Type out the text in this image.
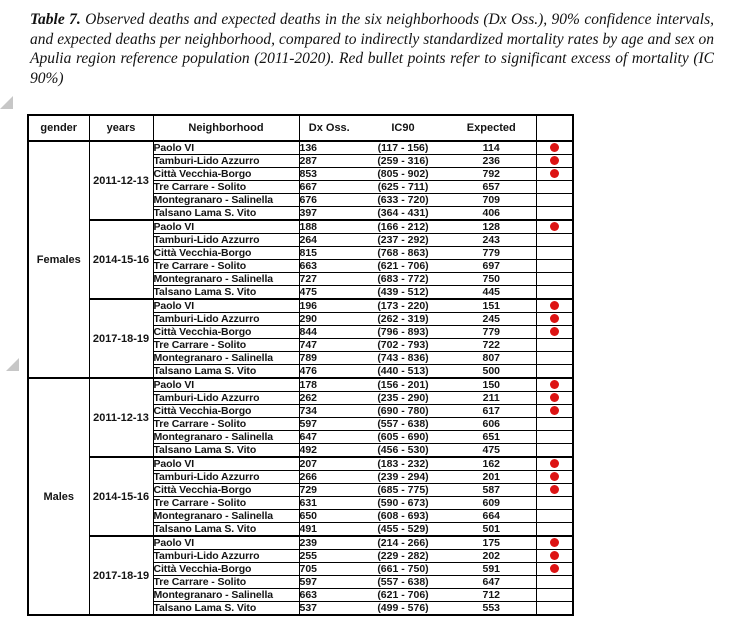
Table 7. Observed deaths and expected deaths in the six neighborhoods (Dx Oss.), 90% confidence intervals, and expected deaths per neighborhood, compared to indirectly standardized mortality rates by age and sex on Apulia region reference population (2011-2020). Red bullet points refer to significant excess of mortality (IC 90%)
gender	years	Neighborhood	Dx Oss.	IC90	Expected	
Females	2011-12-13	Paolo VI	136	(117 - 156)	114	
		Tamburi-Lido Azzurro	287	(259 - 316)	236	
		Città Vecchia-Borgo	853	(805 - 902)	792	
		Tre Carrare - Solito	667	(625 - 711)	657	
		Montegranaro - Salinella	676	(633 - 720)	709	
		Talsano Lama S. Vito	397	(364 - 431)	406	
	2014-15-16	Paolo VI	188	(166 - 212)	128	
		Tamburi-Lido Azzurro	264	(237 - 292)	243	
		Città Vecchia-Borgo	815	(768 - 863)	779	
		Tre Carrare - Solito	663	(621 - 706)	697	
		Montegranaro - Salinella	727	(683 - 772)	750	
		Talsano Lama S. Vito	475	(439 - 512)	445	
	2017-18-19	Paolo VI	196	(173 - 220)	151	
		Tamburi-Lido Azzurro	290	(262 - 319)	245	
		Città Vecchia-Borgo	844	(796 - 893)	779	
		Tre Carrare - Solito	747	(702 - 793)	722	
		Montegranaro - Salinella	789	(743 - 836)	807	
		Talsano Lama S. Vito	476	(440 - 513)	500	
Males	2011-12-13	Paolo VI	178	(156 - 201)	150	
		Tamburi-Lido Azzurro	262	(235 - 290)	211	
		Città Vecchia-Borgo	734	(690 - 780)	617	
		Tre Carrare - Solito	597	(557 - 638)	606	
		Montegranaro - Salinella	647	(605 - 690)	651	
		Talsano Lama S. Vito	492	(456 - 530)	475	
	2014-15-16	Paolo VI	207	(183 - 232)	162	
		Tamburi-Lido Azzurro	266	(239 - 294)	201	
		Città Vecchia-Borgo	729	(685 - 775)	587	
		Tre Carrare - Solito	631	(590 - 673)	609	
		Montegranaro - Salinella	650	(608 - 693)	664	
		Talsano Lama S. Vito	491	(455 - 529)	501	
	2017-18-19	Paolo VI	239	(214 - 266)	175	
		Tamburi-Lido Azzurro	255	(229 - 282)	202	
		Città Vecchia-Borgo	705	(661 - 750)	591	
		Tre Carrare - Solito	597	(557 - 638)	647	
		Montegranaro - Salinella	663	(621 - 706)	712	
		Talsano Lama S. Vito	537	(499 - 576)	553	
